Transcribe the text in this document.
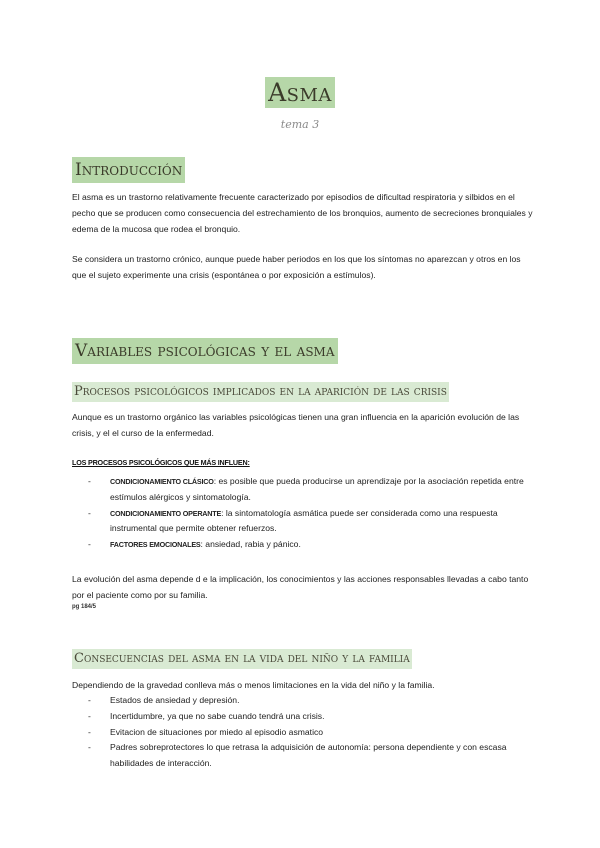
Asma
tema 3
Introducción
El asma es un trastorno relativamente frecuente caracterizado por episodios de dificultad respiratoria y silbidos en el pecho que se producen como consecuencia del estrechamiento de los bronquios, aumento de secreciones bronquiales y edema de la mucosa que rodea el bronquio.
Se considera un trastorno crónico, aunque puede haber periodos en los que los síntomas no aparezcan y otros en los que el sujeto experimente una crisis (espontánea o por exposición a estímulos).
Variables psicológicas y el asma
Procesos psicológicos implicados en la aparición de las crisis
Aunque es un trastorno orgánico las variables psicológicas tienen una gran influencia en la aparición evolución de las crisis, y el el curso de la enfermedad.
LOS PROCESOS PSICOLÓGICOS QUE MÁS INFLUEN:
-	CONDICIONAMIENTO CLÁSICO: es posible que pueda producirse un aprendizaje por la asociación repetida entre estímulos alérgicos y sintomatología.
-	CONDICIONAMIENTO OPERANTE: la sintomatología asmática puede ser considerada como una respuesta instrumental que permite obtener refuerzos.
-	FACTORES EMOCIONALES: ansiedad, rabia y pánico.
La evolución del asma depende d e la implicación, los conocimientos y las acciones responsables llevadas a cabo tanto por el paciente como por su familia.
pg 184/5
Consecuencias del asma en la vida del niño y la familia
Dependiendo de la gravedad conlleva más o menos limitaciones en la vida del niño y la familia.
- Estados de ansiedad y depresión.
- Incertidumbre, ya que no sabe cuando tendrá una crisis.
- Evitacion de situaciones por miedo al episodio asmatico
- Padres sobreprotectores lo que retrasa la adquisición de autonomía: persona dependiente y con escasa habilidades de interacción.
